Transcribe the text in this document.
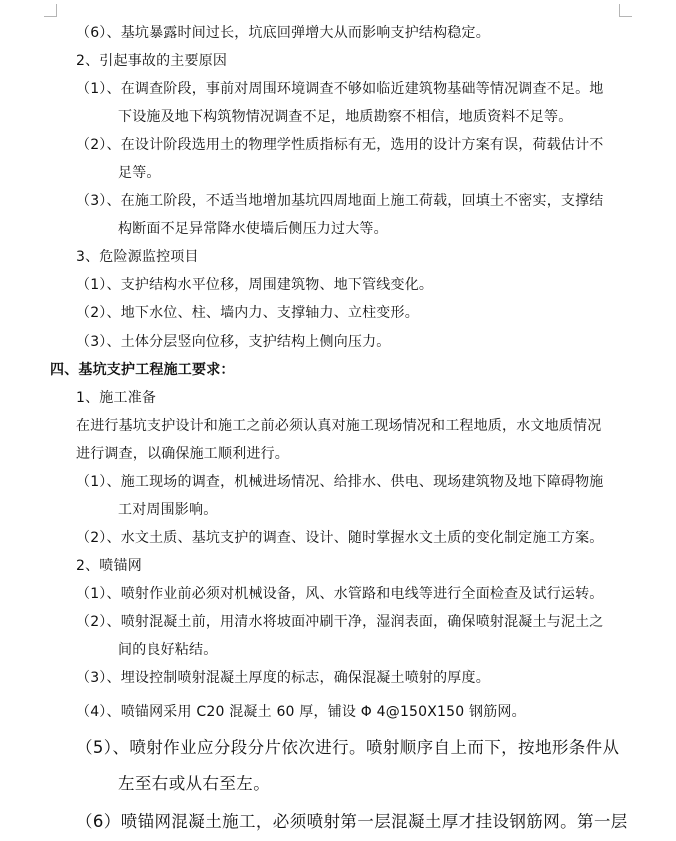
（6）、基坑暴露时间过长，坑底回弹增大从而影响支护结构稳定。
2、引起事故的主要原因
（1）、在调查阶段，事前对周围环境调查不够如临近建筑物基础等情况调查不足。地
下设施及地下构筑物情况调查不足，地质勘察不相信，地质资料不足等。
（2）、在设计阶段选用土的物理学性质指标有无，选用的设计方案有误，荷载估计不
足等。
（3）、在施工阶段，不适当地增加基坑四周地面上施工荷载，回填土不密实，支撑结
构断面不足异常降水使墙后侧压力过大等。
3、危险源监控项目
（1）、支护结构水平位移，周围建筑物、地下管线变化。
（2）、地下水位、柱、墙内力、支撑轴力、立柱变形。
（3）、土体分层竖向位移，支护结构上侧向压力。
四、基坑支护工程施工要求：
1、施工准备
在进行基坑支护设计和施工之前必须认真对施工现场情况和工程地质，水文地质情况
进行调查，以确保施工顺利进行。
（1）、施工现场的调查，机械进场情况、给排水、供电、现场建筑物及地下障碍物施
工对周围影响。
（2）、水文土质、基坑支护的调查、设计、随时掌握水文土质的变化制定施工方案。
2、喷锚网
（1）、喷射作业前必须对机械设备，风、水管路和电线等进行全面检查及试行运转。
（2）、喷射混凝土前，用清水将坡面冲刷干净，湿润表面，确保喷射混凝土与泥土之
间的良好粘结。
（3）、埋设控制喷射混凝土厚度的标志，确保混凝土喷射的厚度。
（4）、喷锚网采用 C20 混凝土 60 厚，铺设 Φ 4@150X150 钢筋网。
（5）、喷射作业应分段分片依次进行。喷射顺序自上而下，按地形条件从
左至右或从右至左。
（6）喷锚网混凝土施工，必须喷射第一层混凝土厚才挂设钢筋网。第一层
